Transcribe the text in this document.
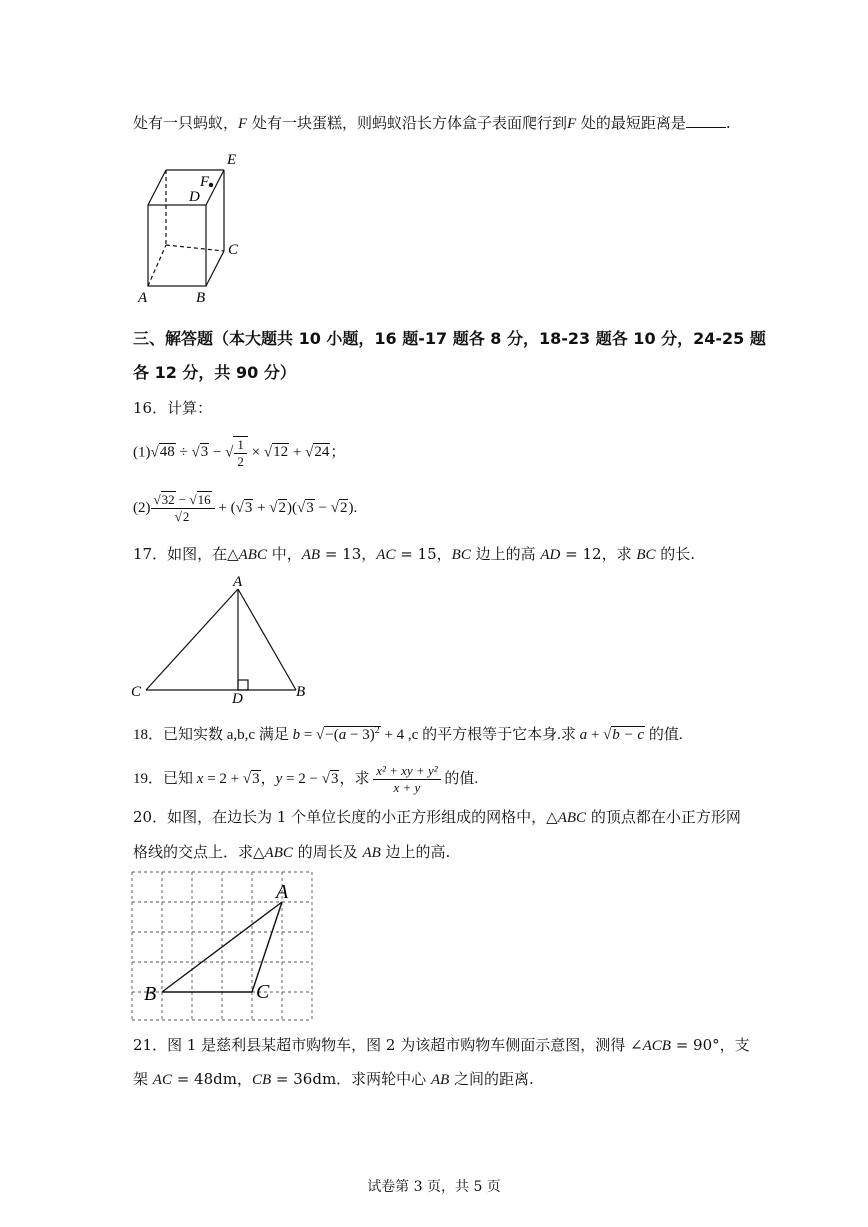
处有一只蚂蚁，F 处有一块蛋糕，则蚂蚁沿长方体盒子表面爬行到F 处的最短距离是	.
E
F
D
C
A	B
三、解答题（本大题共 10 小题，16 题-17 题各 8 分，18-23 题各 10 分，24-25 题
各 12 分，共 90 分）
16．计算：
(1)√48 ÷ √3 − √ $\frac{1}{2} \times √12 + √24$；
$(2) \frac{√32 - √16}{√2} + (√3 + √2)(√3 - √2)$.
17．如图，在△ABC 中，AB = 13，AC = 15，BC 边上的高 AD = 12，求 BC 的长.
A
C	D	B
18．已知实数 a,b,c 满足 $b = √-(a - 3)^2 + 4$ ,c 的平方根等于它本身.求 a + √b − c 的值.
19．已知 x = 2 + √3，y = 2 − √3，求 $\frac{\text{x² + xy + y²}}{x + y}$ 的值.
20．如图，在边长为 1 个单位长度的小正方形组成的网格中，△ABC 的顶点都在小正方形网
格线的交点上．求△ABC 的周长及 AB 边上的高.
A
B	C
21．图 1 是慈利县某超市购物车，图 2 为该超市购物车侧面示意图，测得 ∠ACB = 90°，支
架 AC = 48dm，CB = 36dm．求两轮中心 AB 之间的距离.
试卷第 3 页，共 5 页
